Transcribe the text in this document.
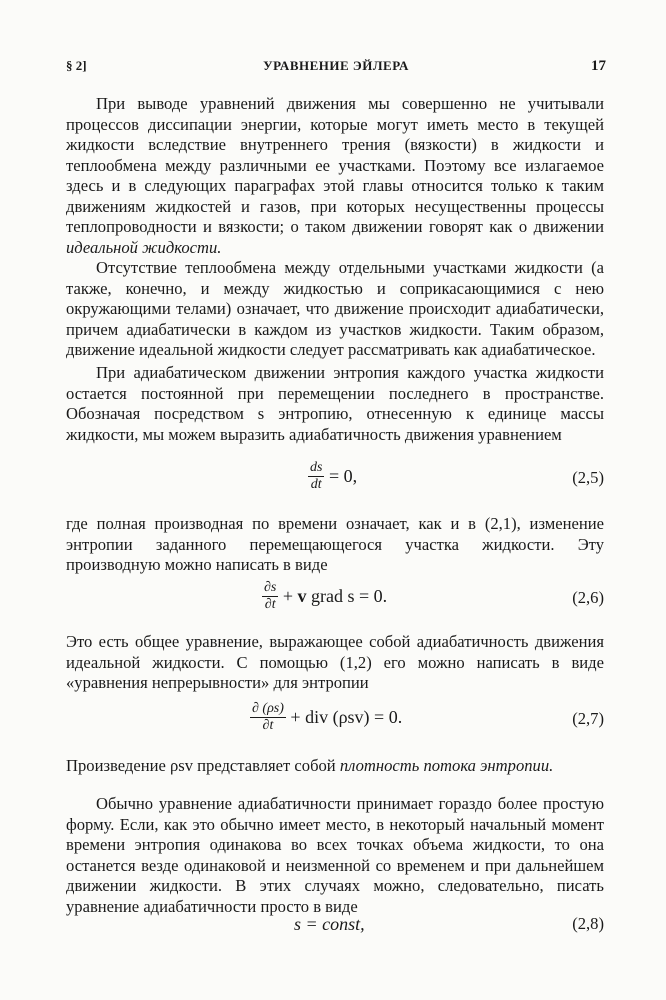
§ 2]	УРАВНЕНИЕ ЭЙЛЕРА	17

При выводе уравнений движения мы совершенно не учитывали процессов диссипации энергии, которые могут иметь место в текущей жидкости вследствие внутреннего трения (вязкости) в жидкости и теплообмена между различными ее участками. Поэтому все излагаемое здесь и в следующих параграфах этой главы относится только к таким движениям жидкостей и газов, при которых несущественны процессы теплопроводности и вязкости; о таком движении говорят как о движении идеальной жидкости.

Отсутствие теплообмена между отдельными участками жидкости (а также, конечно, и между жидкостью и соприкасающимися с нею окружающими телами) означает, что движение происходит адиабатически, причем адиабатически в каждом из участков жидкости. Таким образом, движение идеальной жидкости следует рассматривать как адиабатическое.

При адиабатическом движении энтропия каждого участка жидкости остается постоянной при перемещении последнего в пространстве. Обозначая посредством s энтропию, отнесенную к единице массы жидкости, мы можем выразить адиабатичность движения уравнением

$\frac{ds}{dt} = 0$,	(2,5)

где полная производная по времени означает, как и в (2,1), изменение энтропии заданного перемещающегося участка жидкости. Эту производную можно написать в виде

$\frac{\partial s}{\partial t} + v$ grad s = 0.	(2,6)

Это есть общее уравнение, выражающее собой адиабатичность движения идеальной жидкости. С помощью (1,2) его можно написать в виде «уравнения непрерывности» для энтропии

$\frac{\partial (\rho s)}{\partial t}$ + div (ρsv) = 0.	(2,7)

Произведение ρsv представляет собой плотность потока энтропии.

Обычно уравнение адиабатичности принимает гораздо более простую форму. Если, как это обычно имеет место, в некоторый начальный момент времени энтропия одинакова во всех точках объема жидкости, то она останется везде одинаковой и неизменной со временем и при дальнейшем движении жидкости. В этих случаях можно, следовательно, писать уравнение адиабатичности просто в виде

s = const,	(2,8)
